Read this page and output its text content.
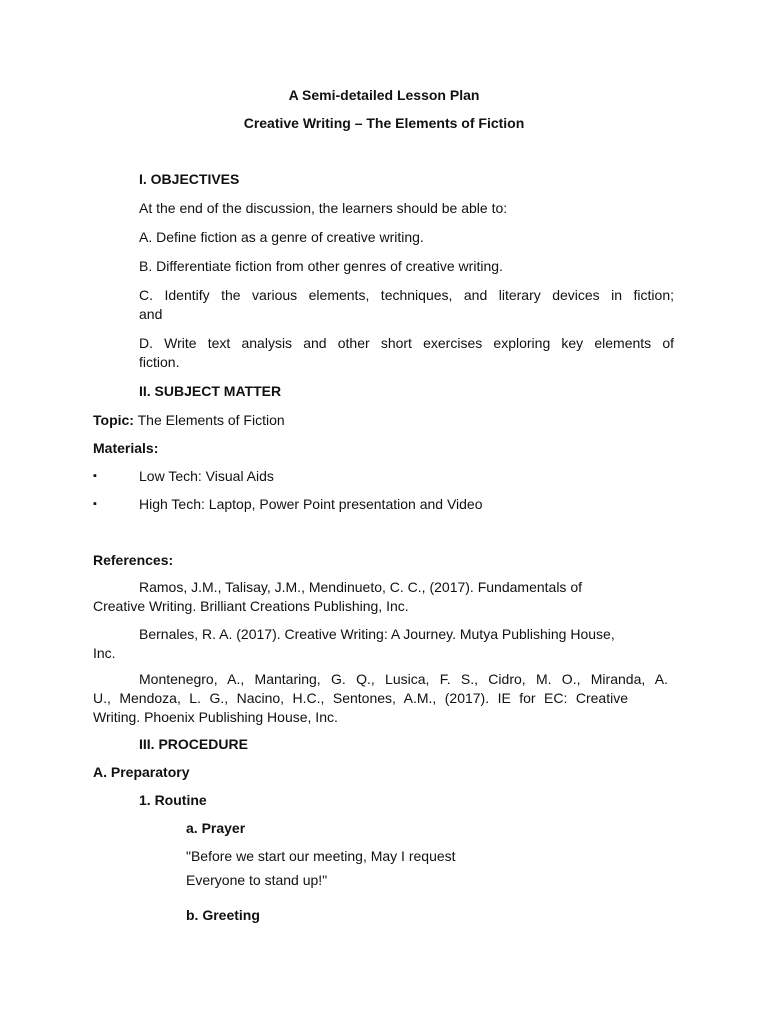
A Semi-detailed Lesson Plan

Creative Writing – The Elements of Fiction

I. OBJECTIVES

At the end of the discussion, the learners should be able to:

A. Define fiction as a genre of creative writing.

B. Differentiate fiction from other genres of creative writing.

C. Identify the various elements, techniques, and literary devices in fiction;

and

D. Write text analysis and other short exercises exploring key elements of

fiction.

II. SUBJECT MATTER

Topic: The Elements of Fiction

Materials:

▪	Low Tech: Visual Aids

▪	High Tech: Laptop, Power Point presentation and Video

References:

Ramos, J.M., Talisay, J.M., Mendinueto, C. C., (2017). Fundamentals of

Creative Writing. Brilliant Creations Publishing, Inc.

Bernales, R. A. (2017). Creative Writing: A Journey. Mutya Publishing House,

Inc.

Montenegro, A., Mantaring, G. Q., Lusica, F. S., Cidro, M. O., Miranda, A.

U., Mendoza, L. G., Nacino, H.C., Sentones, A.M., (2017). IE for EC: Creative

Writing. Phoenix Publishing House, Inc.

III. PROCEDURE

A. Preparatory

1. Routine

a. Prayer

"Before we start our meeting, May I request

Everyone to stand up!"

b. Greeting
